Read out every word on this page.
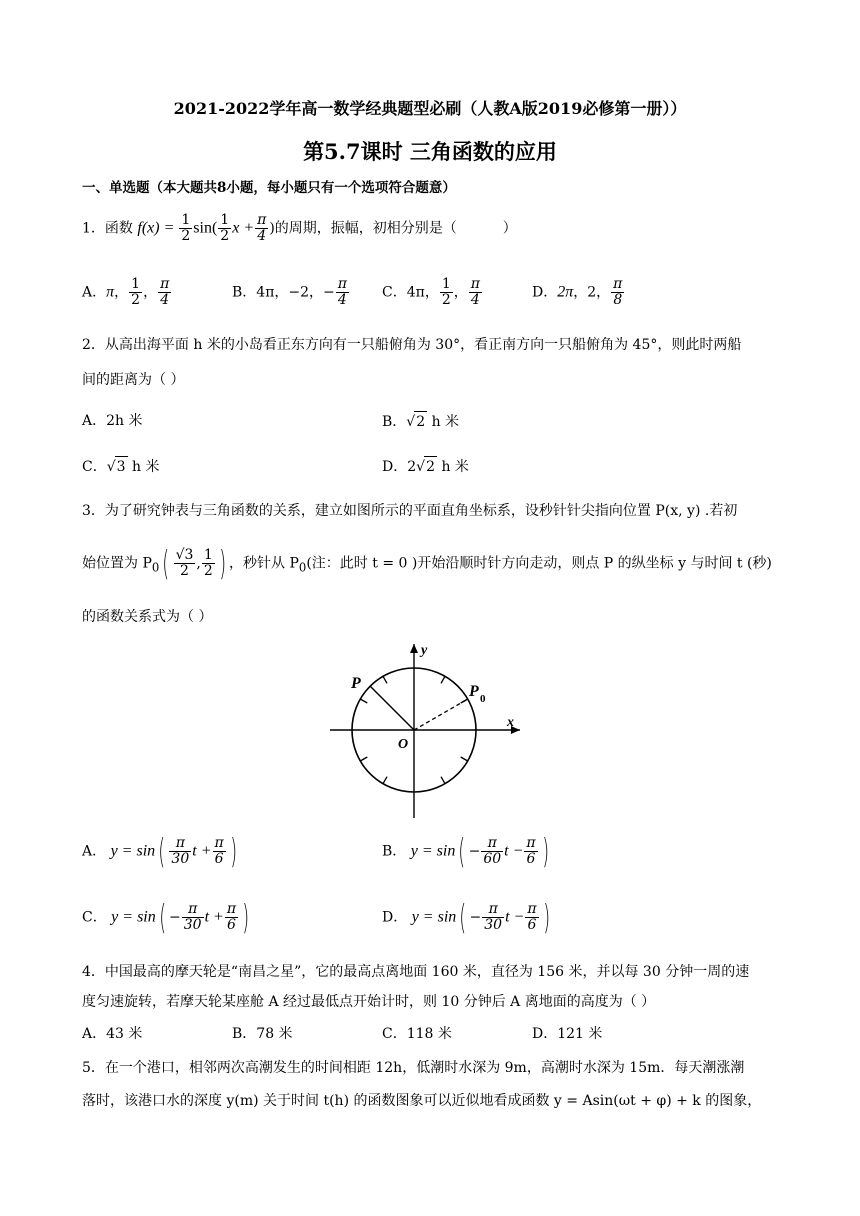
2021-2022学年高一数学经典题型必刷（人教A版2019必修第一册））
第5.7课时 三角函数的应用
一、单选题（本大题共8小题，每小题只有一个选项符合题意）
1．函数 $f(x) = \frac{1}{2} \sin( \frac{1}{2}$ $x + \frac{\pi}{4}$ )的周期，振幅，初相分别是（	）
A．π， $\frac{1}{2}$ ， $\frac{\pi}{4}$	B．4π，−2，− $\frac{\pi}{4}$ C．4π， $\frac{1}{2}$ ， $\frac{\pi}{4}$	D．2π，2， $\frac{\pi}{8}$
2．从高出海平面 h 米的小岛看正东方向有一只船俯角为 30°，看正南方向一只船俯角为 45°，则此时两船
间的距离为（ ）
A．2h 米	B．√2 h 米
C．√3 h 米	D．2√2 h 米
3．为了研究钟表与三角函数的关系，建立如图所示的平面直角坐标系，设秒针针尖指向位置 P(x, y) .若初
始位置为 $P_0( \frac{√3}{2}$ , $\frac{1}{2}$ ) ，秒针从 $P_0$(注：此时 t = 0 )开始沿顺时针方向走动，则点 P 的纵坐标 y 与时间 t (秒)
的函数关系式为（ ）
P	P 0
y
x
O
A． $y = \sin( \frac{\pi}{30}$ $t + \frac{\pi}{6}$ )	B． $y = \sin( - \frac{\pi}{60}$ $t - \frac{\pi}{6}$ )
C． $y = \sin( - \frac{\pi}{30}$ $t + \frac{\pi}{6}$ )	D． $y = \sin( - \frac{\pi}{30}$ $t - \frac{\pi}{6}$ )
4．中国最高的摩天轮是“南昌之星”，它的最高点离地面 160 米，直径为 156 米，并以每 30 分钟一周的速
度匀速旋转，若摩天轮某座舱 A 经过最低点开始计时，则 10 分钟后 A 离地面的高度为（ ）
A．43 米	B．78 米	C．118 米	D．121 米
5．在一个港口，相邻两次高潮发生的时间相距 12h，低潮时水深为 9m，高潮时水深为 15m．每天潮涨潮
落时，该港口水的深度 y(m) 关于时间 t(h) 的函数图象可以近似地看成函数 y = Asin(ωt + φ) + k 的图象，
